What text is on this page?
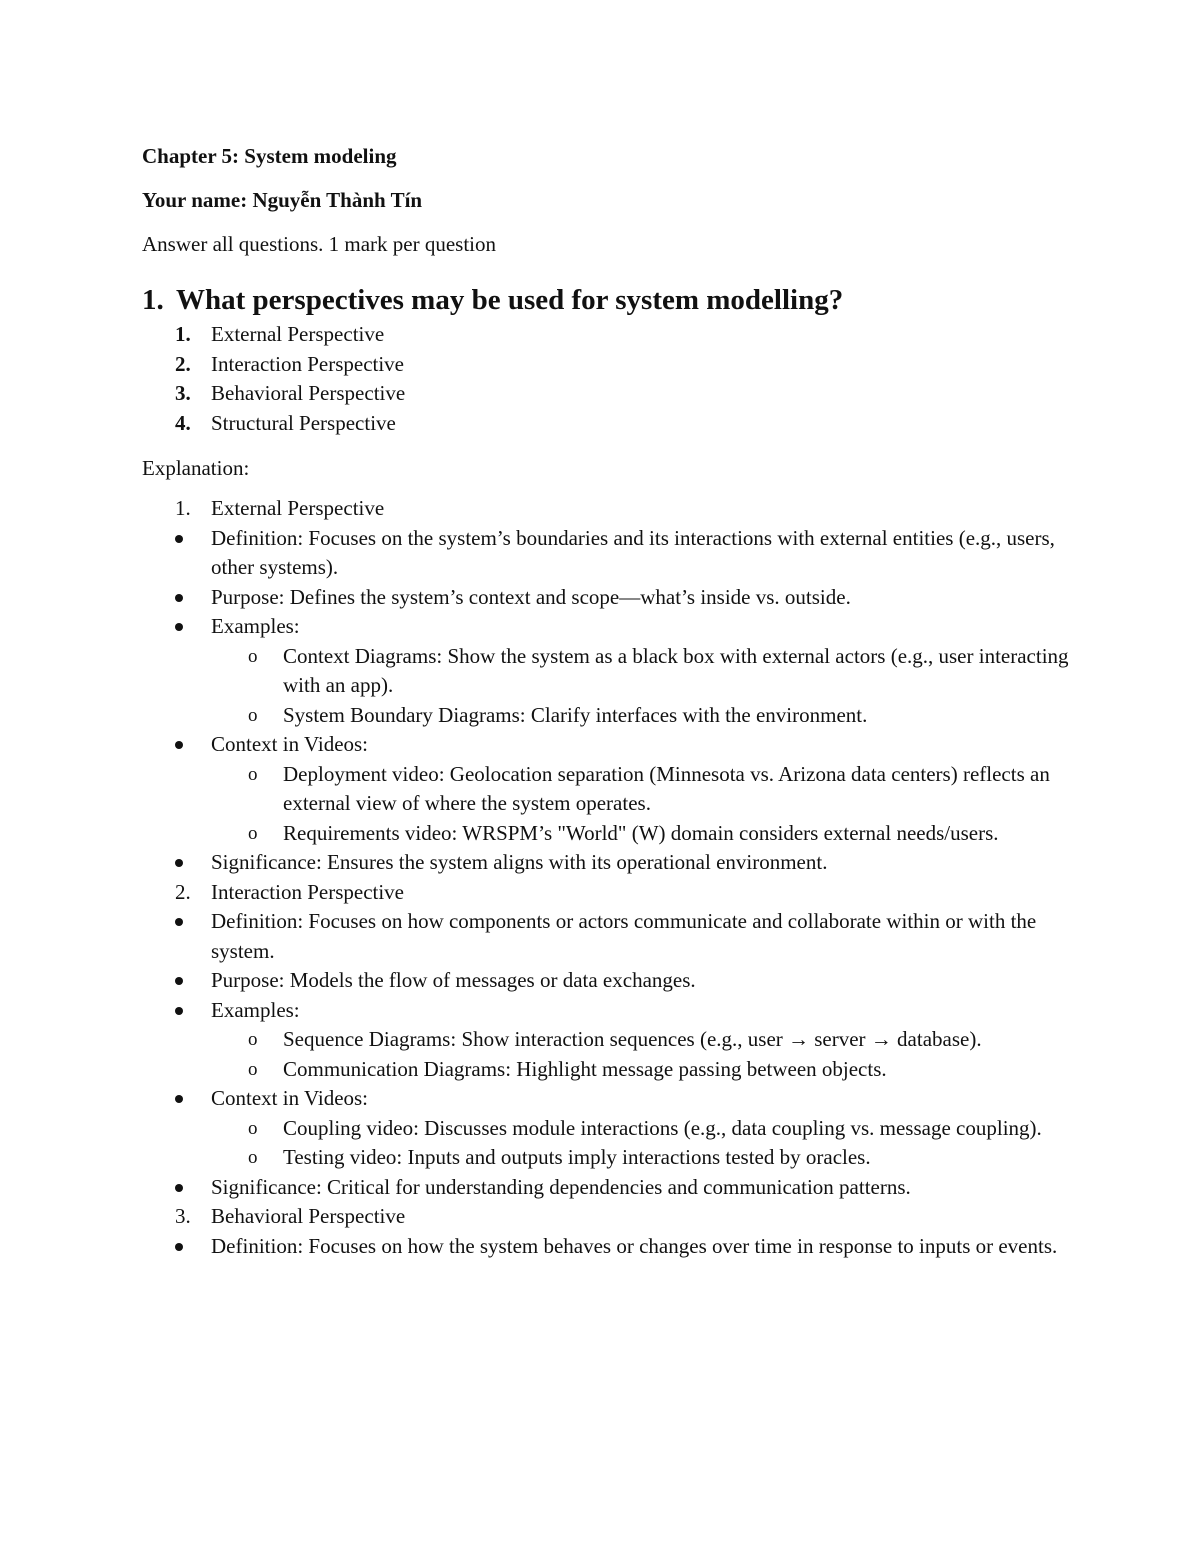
Chapter 5: System modeling

Your name: Nguyễn Thành Tín

Answer all questions. 1 mark per question
1. What perspectives may be used for system modelling?
1. External Perspective
2. Interaction Perspective
3. Behavioral Perspective
4. Structural Perspective
Explanation:
1. External Perspective
Definition: Focuses on the system’s boundaries and its interactions with external entities (e.g., users, other systems).
Purpose: Defines the system’s context and scope—what’s inside vs. outside.
Examples:
o	Context Diagrams: Show the system as a black box with external actors (e.g., user interacting with an app).
o	System Boundary Diagrams: Clarify interfaces with the environment.
Context in Videos:
o	Deployment video: Geolocation separation (Minnesota vs. Arizona data centers) reflects an external view of where the system operates.
o	Requirements video: WRSPM’s "World" (W) domain considers external needs/users.
Significance: Ensures the system aligns with its operational environment.
2. Interaction Perspective
Definition: Focuses on how components or actors communicate and collaborate within or with the system.
Purpose: Models the flow of messages or data exchanges.
Examples:
o	Sequence Diagrams: Show interaction sequences (e.g., user → server → database).
o	Communication Diagrams: Highlight message passing between objects.
Context in Videos:
o	Coupling video: Discusses module interactions (e.g., data coupling vs. message coupling).
o	Testing video: Inputs and outputs imply interactions tested by oracles.
Significance: Critical for understanding dependencies and communication patterns.
3. Behavioral Perspective
Definition: Focuses on how the system behaves or changes over time in response to inputs or events.
